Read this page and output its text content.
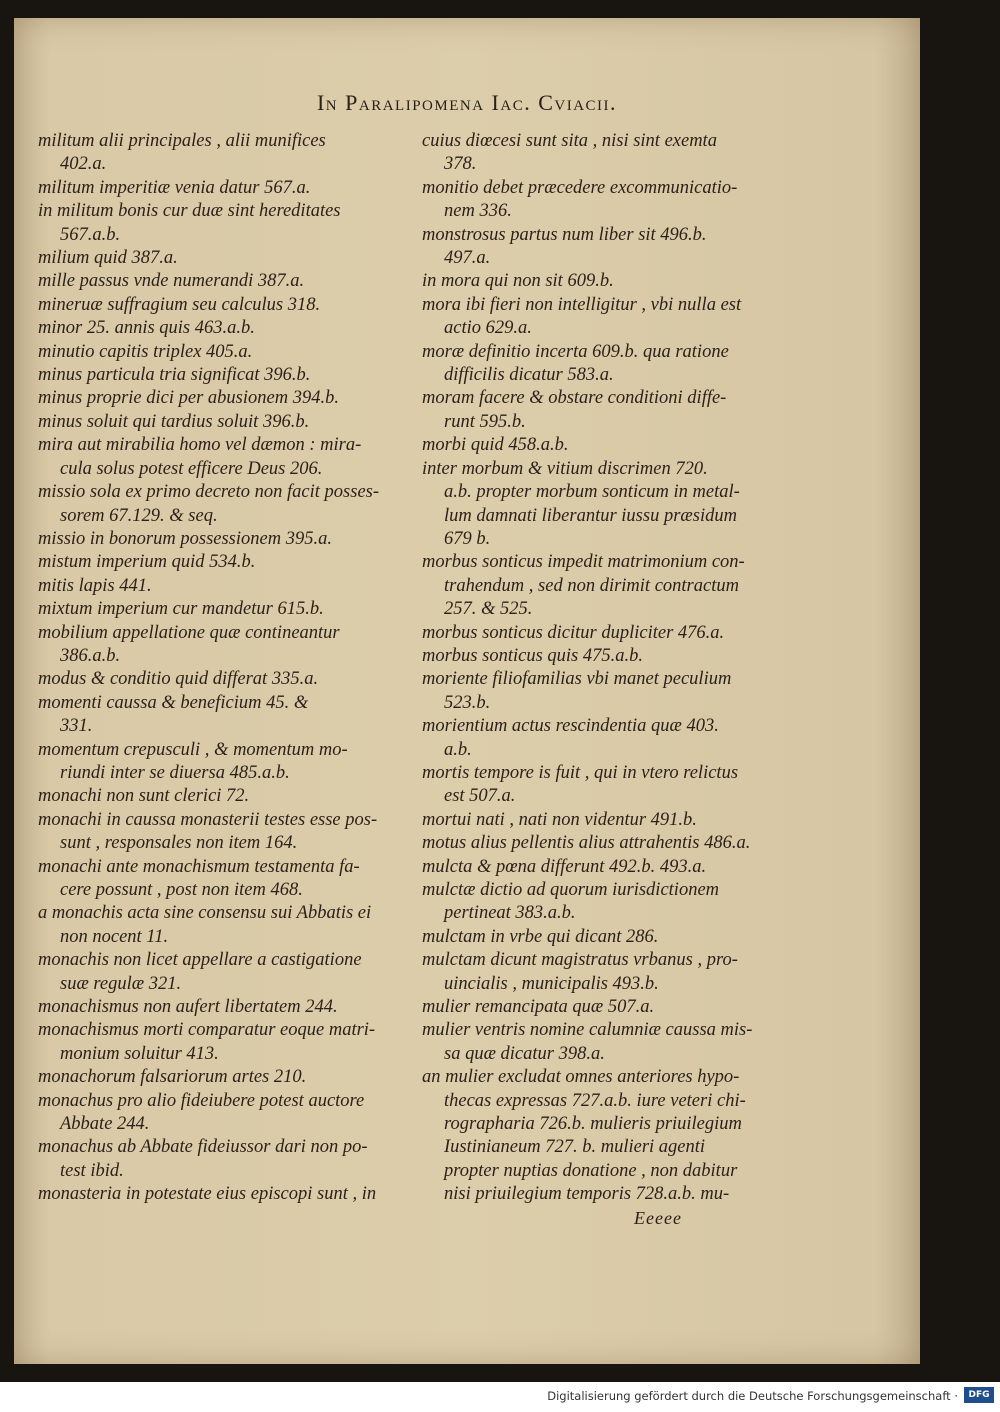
In Paralipomena Iac. Cviacii.
militum alii principales , alii munifices
402.a.
militum imperitiæ venia datur 567.a.
in militum bonis cur duæ sint hereditates
567.a.b.
milium quid 387.a.
mille passus vnde numerandi 387.a.
mineruæ suffragium seu calculus 318.
minor 25. annis quis 463.a.b.
minutio capitis triplex 405.a.
minus particula tria significat 396.b.
minus proprie dici per abusionem 394.b.
minus soluit qui tardius soluit 396.b.
mira aut mirabilia homo vel dæmon : mira-
cula solus potest efficere Deus 206.
missio sola ex primo decreto non facit posses-
sorem 67.129. & seq.
missio in bonorum possessionem 395.a.
mistum imperium quid 534.b.
mitis lapis 441.
mixtum imperium cur mandetur 615.b.
mobilium appellatione quæ contineantur
386.a.b.
modus & conditio quid differat 335.a.
momenti caussa & beneficium 45. &
331.
momentum crepusculi , & momentum mo-
riundi inter se diuersa 485.a.b.
monachi non sunt clerici 72.
monachi in caussa monasterii testes esse pos-
sunt , responsales non item 164.
monachi ante monachismum testamenta fa-
cere possunt , post non item 468.
a monachis acta sine consensu sui Abbatis ei
non nocent 11.
monachis non licet appellare a castigatione
suæ regulæ 321.
monachismus non aufert libertatem 244.
monachismus morti comparatur eoque matri-
monium soluitur 413.
monachorum falsariorum artes 210.
monachus pro alio fideiubere potest auctore
Abbate 244.
monachus ab Abbate fideiussor dari non po-
test ibid.
monasteria in potestate eius episcopi sunt , in
cuius diœcesi sunt sita , nisi sint exemta
378.
monitio debet præcedere excommunicatio-
nem 336.
monstrosus partus num liber sit 496.b.
497.a.
in mora qui non sit 609.b.
mora ibi fieri non intelligitur , vbi nulla est
actio 629.a.
moræ definitio incerta 609.b. qua ratione
difficilis dicatur 583.a.
moram facere & obstare conditioni diffe-
runt 595.b.
morbi quid 458.a.b.
inter morbum & vitium discrimen 720.
a.b. propter morbum sonticum in metal-
lum damnati liberantur iussu præsidum
679 b.
morbus sonticus impedit matrimonium con-
trahendum , sed non dirimit contractum
257. & 525.
morbus sonticus dicitur dupliciter 476.a.
morbus sonticus quis 475.a.b.
moriente filiofamilias vbi manet peculium
523.b.
morientium actus rescindentia quæ 403.
a.b.
mortis tempore is fuit , qui in vtero relictus
est 507.a.
mortui nati , nati non videntur 491.b.
motus alius pellentis alius attrahentis 486.a.
mulcta & pœna differunt 492.b. 493.a.
mulctæ dictio ad quorum iurisdictionem
pertineat 383.a.b.
mulctam in vrbe qui dicant 286.
mulctam dicunt magistratus vrbanus , pro-
uincialis , municipalis 493.b.
mulier remancipata quæ 507.a.
mulier ventris nomine calumniæ caussa mis-
sa quæ dicatur 398.a.
an mulier excludat omnes anteriores hypo-
thecas expressas 727.a.b. iure veteri chi-
rographaria 726.b. mulieris priuilegium
Iustinianeum 727. b. mulieri agenti
propter nuptias donatione , non dabitur
nisi priuilegium temporis 728.a.b. mu-
Eeeee
Digitalisierung gefördert durch die Deutsche Forschungsgemeinschaft ·	DFG
